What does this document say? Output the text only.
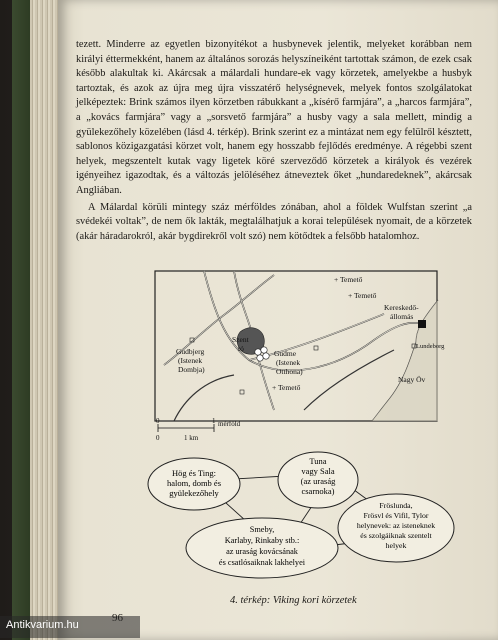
tezett. Minderre az egyetlen bizonyítékot a husbynevek jelentik, melyeket korábban nem királyi éttermekként, hanem az általános sorozás helyszíneiként tartottak számon, de ezek csak később alakultak ki. Akárcsak a málardali hundare-ek vagy körzetek, amelyekbe a husbyk tartoztak, és azok az újra meg újra visszatérő helységnevek, melyek fontos szolgálatokat jelképeztek: Brink számos ilyen körzetben rábukkant a „kísérő farmjára”, a „harcos farmjára”, a „kovács farmjára” vagy a „sorsvető farmjára” a husby vagy a sala mellett, mindig a gyülekezőhely közelében (lásd 4. térkép). Brink szerint ez a mintázat nem egy felülről késztett, sablonos közigazgatási körzet volt, hanem egy hosszabb fejlődés eredménye. A régebbi szent helyek, megszentelt kutak vagy ligetek köré szerveződő körzetek a királyok és vezérek igényeihez igazodtak, és a változás jelöléséhez átneveztek őket „hundaredeknek”, akárcsak Angliában.

A Málardal körüli mintegy száz mérföldes zónában, ahol a földek Wulfstan szerint „a svédekéi voltak”, de nem ők lakták, megtalálhatjuk a korai települések nyomait, de a körzetek (akár háradarokról, akár bygdirekről volt szó) nem kötődtek a felsőbb hatalomhoz.

+ Temető
+ Temető
+ Temető
Kereskedő-
állomás
Lundeborg
Nagy Öv
Szent
tó
Gudbjerg
(Istenek
Dombja)
Gudme
(Istenek
Otthona)
0	1 mérföld
0	1 km
Hög és Ting:
halom, domb és
gyülekezőhely
Tuna
vagy Sala
(az uraság
csarnoka)
Fröslunda,
Frösvl és Vifil, Tylor
helynevek: az isteneknek
és szolgáiknak szentelt
helyek
Smeby,
Karlaby, Rinkaby stb.:
az uraság kovácsának
és csatlósaiknak lakhelyei
4. térkép: Viking kori körzetek
Antikvarium.hu
